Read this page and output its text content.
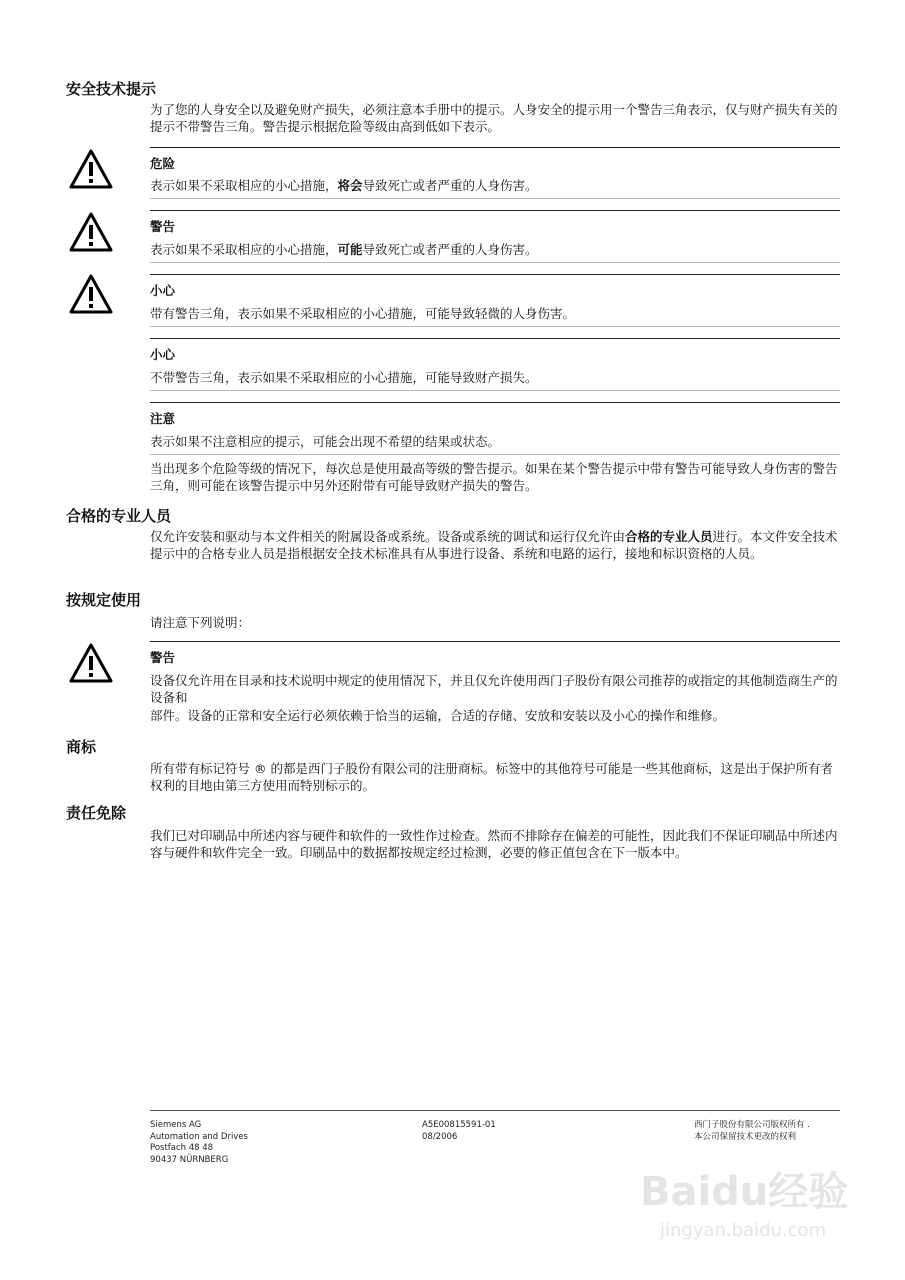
安全技术提示

为了您的人身安全以及避免财产损失，必须注意本手册中的提示。人身安全的提示用一个警告三角表示，仅与财产损失有关的提示不带警告三角。警告提示根据危险等级由高到低如下表示。

危险

表示如果不采取相应的小心措施，将会导致死亡或者严重的人身伤害。

警告

表示如果不采取相应的小心措施，可能导致死亡或者严重的人身伤害。

小心

带有警告三角，表示如果不采取相应的小心措施，可能导致轻微的人身伤害。

小心

不带警告三角，表示如果不采取相应的小心措施，可能导致财产损失。

注意

表示如果不注意相应的提示，可能会出现不希望的结果或状态。

当出现多个危险等级的情况下，每次总是使用最高等级的警告提示。如果在某个警告提示中带有警告可能导致人身伤害的警告三角，则可能在该警告提示中另外还附带有可能导致财产损失的警告。

合格的专业人员

仅允许安装和驱动与本文件相关的附属设备或系统。设备或系统的调试和运行仅允许由合格的专业人员进行。本文件安全技术提示中的合格专业人员是指根据安全技术标准具有从事进行设备、系统和电路的运行，接地和标识资格的人员。

按规定使用

请注意下列说明：

警告

设备仅允许用在目录和技术说明中规定的使用情况下，并且仅允许使用西门子股份有限公司推荐的或指定的其他制造商生产的设备和

部件。设备的正常和安全运行必须依赖于恰当的运输，合适的存储、安放和安装以及小心的操作和维修。

商标

所有带有标记符号 ® 的都是西门子股份有限公司的注册商标。标签中的其他符号可能是一些其他商标，这是出于保护所有者权利的目地由第三方使用而特别标示的。

责任免除

我们已对印刷品中所述内容与硬件和软件的一致性作过检查。然而不排除存在偏差的可能性，因此我们不保证印刷品中所述内容与硬件和软件完全一致。印刷品中的数据都按规定经过检测，必要的修正值包含在下一版本中。

Siemens AG
Automation and Drives
Postfach 48 48
90437 NÜRNBERG
A5E00815591-01
08/2006
西门子股份有限公司版权所有 .
本公司保留技术更改的权利
Baidu经验
jingyan.baidu.com
